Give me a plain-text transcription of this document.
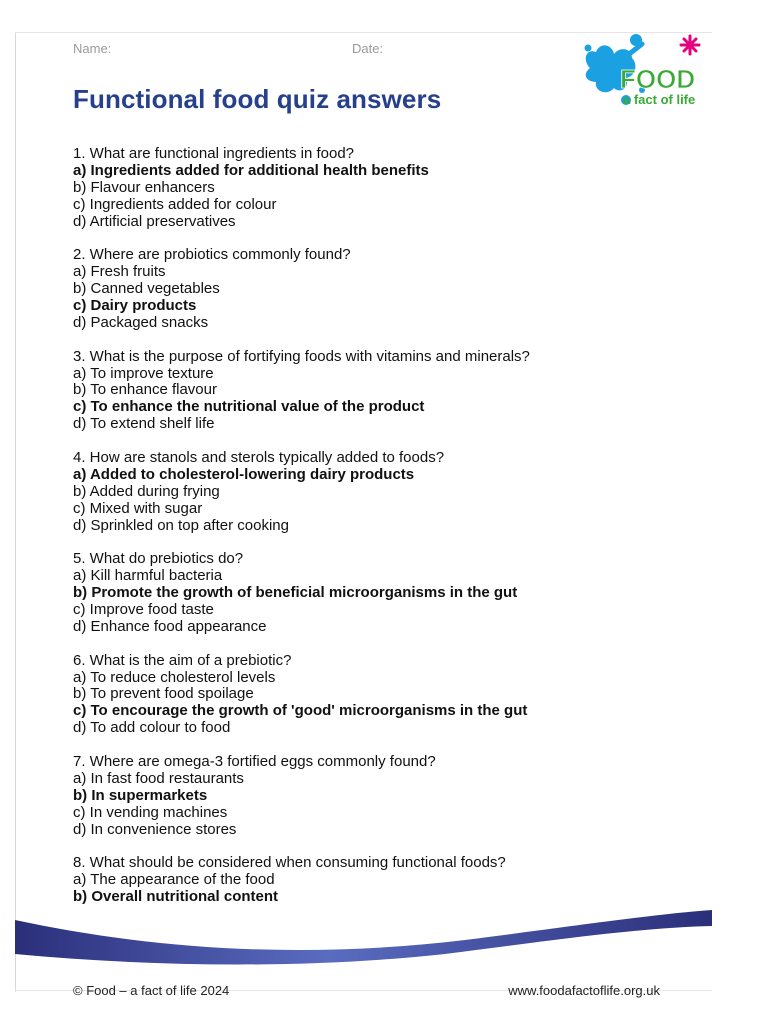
Name:	Date:
Functional food quiz answers
FOOD
a fact of life
1. What are functional ingredients in food?
a) Ingredients added for additional health benefits
b) Flavour enhancers
c) Ingredients added for colour
d) Artificial preservatives
2. Where are probiotics commonly found?
a) Fresh fruits
b) Canned vegetables
c) Dairy products
d) Packaged snacks
3. What is the purpose of fortifying foods with vitamins and minerals?
a) To improve texture
b) To enhance flavour
c) To enhance the nutritional value of the product
d) To extend shelf life
4. How are stanols and sterols typically added to foods?
a) Added to cholesterol-lowering dairy products
b) Added during frying
c) Mixed with sugar
d) Sprinkled on top after cooking
5. What do prebiotics do?
a) Kill harmful bacteria
b) Promote the growth of beneficial microorganisms in the gut
c) Improve food taste
d) Enhance food appearance
6. What is the aim of a prebiotic?
a) To reduce cholesterol levels
b) To prevent food spoilage
c) To encourage the growth of 'good' microorganisms in the gut
d) To add colour to food
7. Where are omega-3 fortified eggs commonly found?
a) In fast food restaurants
b) In supermarkets
c) In vending machines
d) In convenience stores
8. What should be considered when consuming functional foods?
a) The appearance of the food
b) Overall nutritional content
© Food – a fact of life 2024	www.foodafactoflife.org.uk
